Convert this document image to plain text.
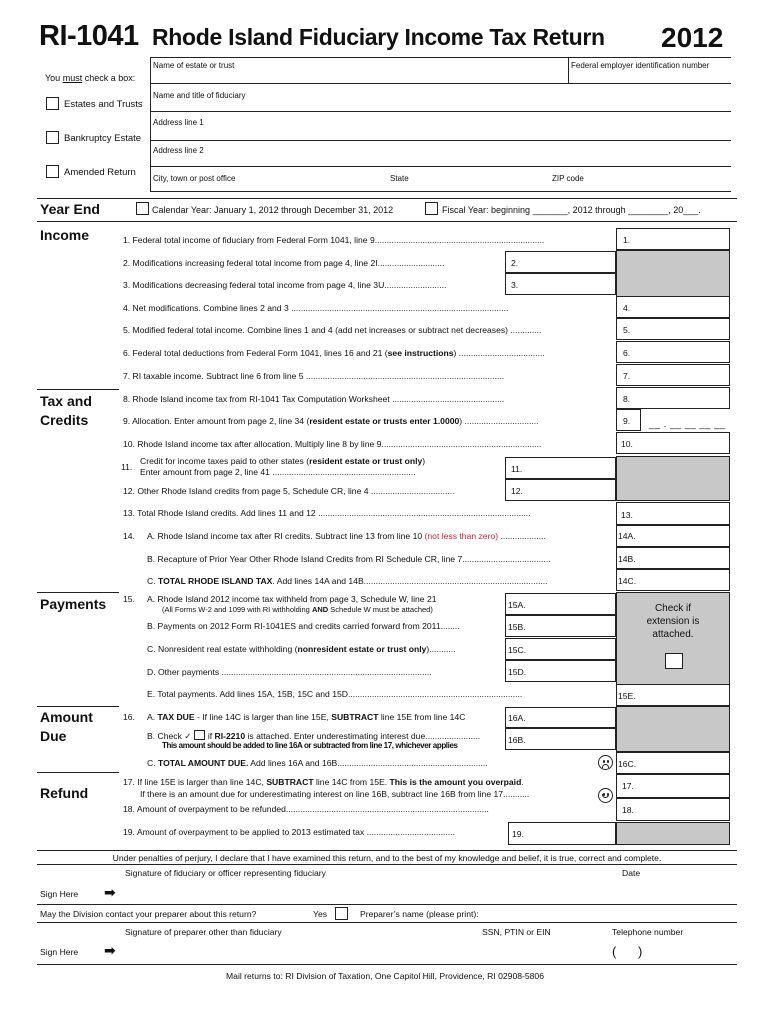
RI-1041 Rhode Island Fiduciary Income Tax Return 2012
Name of estate or trust	Federal employer identification number
Name and title of fiduciary
Address line 1
Address line 2
City, town or post office	State	ZIP code
You must check a box:
Estates and Trusts
Bankruptcy Estate
Amended Return
Year End	Calendar Year: January 1, 2012 through December 31, 2012	Fiscal Year: beginning _______, 2012 through ________, 20___.
Income
Tax and
Credits
Payments
Amount
Due
Refund
1. Federal total income of fiduciary from Federal Form 1041, line 9.......................................................................	1.
2. Modifications increasing federal total income from page 4, line 2I............................	2.
3. Modifications decreasing federal total income from page 4, line 3U..........................	3.
4. Net modifications. Combine lines 2 and 3 ...........................................................................................	4.
5. Modified federal total income. Combine lines 1 and 4 (add net increases or subtract net decreases) .............	5.
6. Federal total deductions from Federal Form 1041, lines 16 and 21 (see instructions) ....................................	6.
7. RI taxable income. Subtract line 6 from line 5 ...................................................................................	7.
8. Rhode Island income tax from RI-1041 Tax Computation Worksheet ...............................................	8.
9. Allocation. Enter amount from page 2, line 34 (resident estate or trusts enter 1.0000) ...............................	9. __ . __ __ __ __
10. Rhode Island income tax after allocation. Multiply line 8 by line 9...................................................................	10.
11.
Credit for income taxes paid to other states (resident estate or trust only)
Enter amount from page 2, line 41 ............................................................	11.
12. Other Rhode Island credits from page 5, Schedule CR, line 4 ...................................	12.
13. Total Rhode Island credits. Add lines 11 and 12 .........................................................................................	13.
14. A. Rhode Island income tax after RI credits. Subtract line 13 from line 10 (not less than zero) ...................	14A.
B. Recapture of Prior Year Other Rhode Island Credits from RI Schedule CR, line 7.....................................	14B.
C. TOTAL RHODE ISLAND TAX. Add lines 14A and 14B.............................................................................	14C.
15. A. Rhode Island 2012 income tax withheld from page 3, Schedule W, line 21
(All Forms W-2 and 1099 with RI withholding AND Schedule W must be attached)	15A.
B. Payments on 2012 Form RI-1041ES and credits carried forward from 2011........	15B.
C. Nonresident real estate withholding (nonresident estate or trust only)...........	15C.
D. Other payments ........................................................................................	15D.
Check if
extension is
attached.
E. Total payments. Add lines 15A, 15B, 15C and 15D.........................................................................	15E.
16. A. TAX DUE - If line 14C is larger than line 15E, SUBTRACT line 15E from line 14C	16A.
B. Check ✓ if RI-2210 is attached. Enter underestimating interest due.......................
This amount should be added to line 16A or subtracted from line 17, whichever applies
16B.
C. TOTAL AMOUNT DUE. Add lines 16A and 16B...............................................................	16C.
17. If line 15E is larger than line 14C, SUBTRACT line 14C from 15E. This is the amount you overpaid.
If there is an amount due for underestimating interest on line 16B, subtract line 16B from line 17...........
17.
18. Amount of overpayment to be refunded.....................................................................................	18.
19. Amount of overpayment to be applied to 2013 estimated tax .....................................	19.
Under penalties of perjury, I declare that I have examined this return, and to the best of my knowledge and belief, it is true, correct and complete.
Signature of fiduciary or officer representing fiduciary	Date
Sign Here ➡
May the Division contact your preparer about this return?	Yes	Preparer’s name (please print):
Signature of preparer other than fiduciary	SSN, PTIN or EIN	Telephone number
Sign Here ➡	(      )
Mail returns to: RI Division of Taxation, One Capitol Hill, Providence, RI 02908-5806
